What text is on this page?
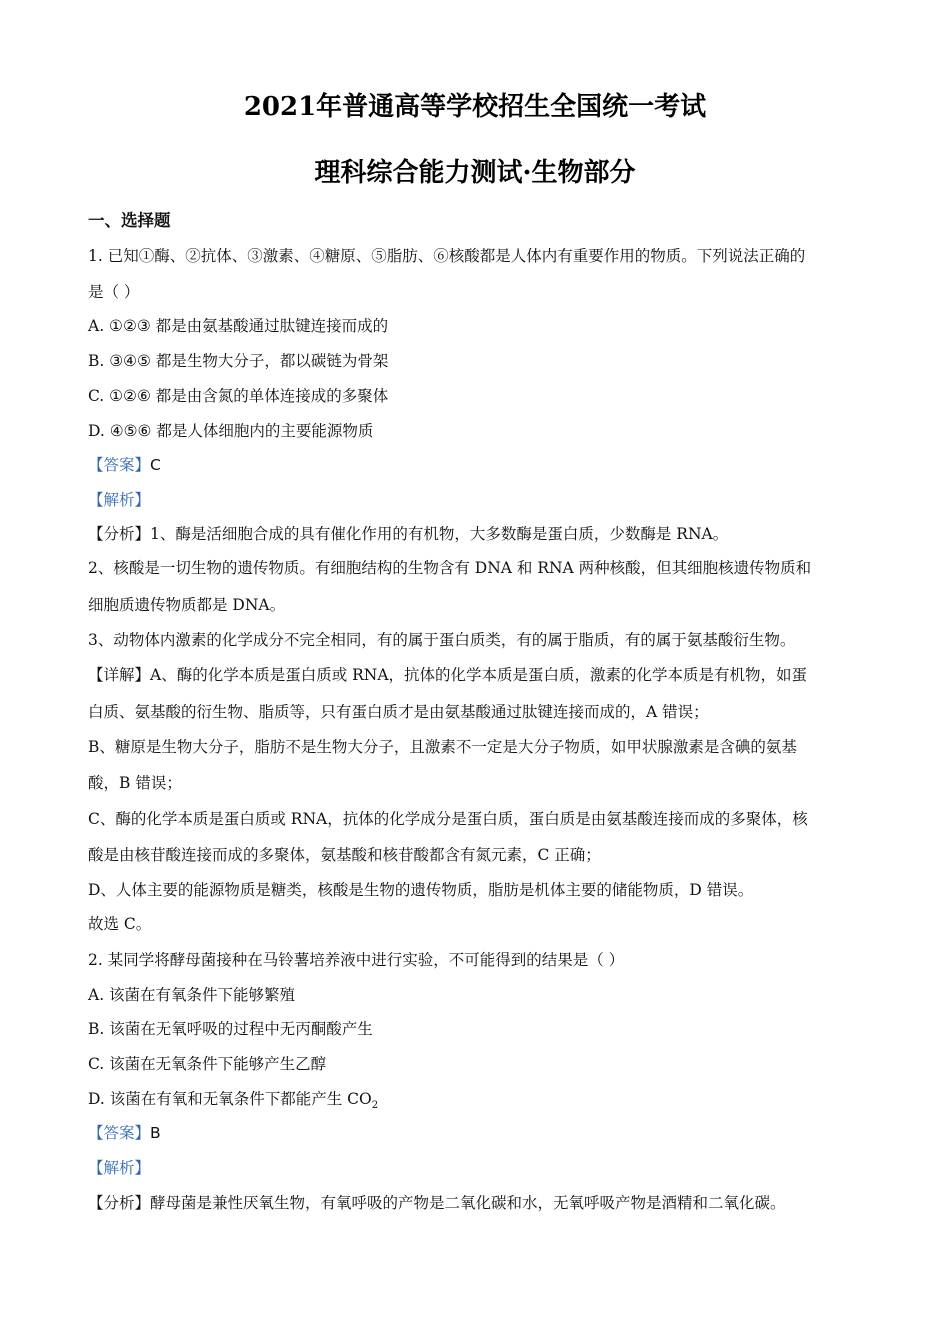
2021年普通高等学校招生全国统一考试
理科综合能力测试·生物部分
一、选择题
1. 已知①酶、②抗体、③激素、④糖原、⑤脂肪、⑥核酸都是人体内有重要作用的物质。下列说法正确的
是（ ）
A. ①②③ 都是由氨基酸通过肽键连接而成的
B. ③④⑤ 都是生物大分子，都以碳链为骨架
C. ①②⑥ 都是由含氮的单体连接成的多聚体
D. ④⑤⑥ 都是人体细胞内的主要能源物质
【答案】C
【解析】
【分析】1、酶是活细胞合成的具有催化作用的有机物，大多数酶是蛋白质，少数酶是 RNA。
2、核酸是一切生物的遗传物质。有细胞结构的生物含有 DNA 和 RNA 两种核酸，但其细胞核遗传物质和
细胞质遗传物质都是 DNA。
3、动物体内激素的化学成分不完全相同，有的属于蛋白质类，有的属于脂质，有的属于氨基酸衍生物。
【详解】A、酶的化学本质是蛋白质或 RNA，抗体的化学本质是蛋白质，激素的化学本质是有机物，如蛋
白质、氨基酸的衍生物、脂质等，只有蛋白质才是由氨基酸通过肽键连接而成的，A 错误；
B、糖原是生物大分子，脂肪不是生物大分子，且激素不一定是大分子物质，如甲状腺激素是含碘的氨基
酸，B 错误；
C、酶的化学本质是蛋白质或 RNA，抗体的化学成分是蛋白质，蛋白质是由氨基酸连接而成的多聚体，核
酸是由核苷酸连接而成的多聚体，氨基酸和核苷酸都含有氮元素，C 正确；
D、人体主要的能源物质是糖类，核酸是生物的遗传物质，脂肪是机体主要的储能物质，D 错误。
故选 C。
2. 某同学将酵母菌接种在马铃薯培养液中进行实验，不可能得到的结果是（ ）
A. 该菌在有氧条件下能够繁殖
B. 该菌在无氧呼吸的过程中无丙酮酸产生
C. 该菌在无氧条件下能够产生乙醇
D. 该菌在有氧和无氧条件下都能产生 $CO_2$
【答案】B
【解析】
【分析】酵母菌是兼性厌氧生物，有氧呼吸的产物是二氧化碳和水，无氧呼吸产物是酒精和二氧化碳。
